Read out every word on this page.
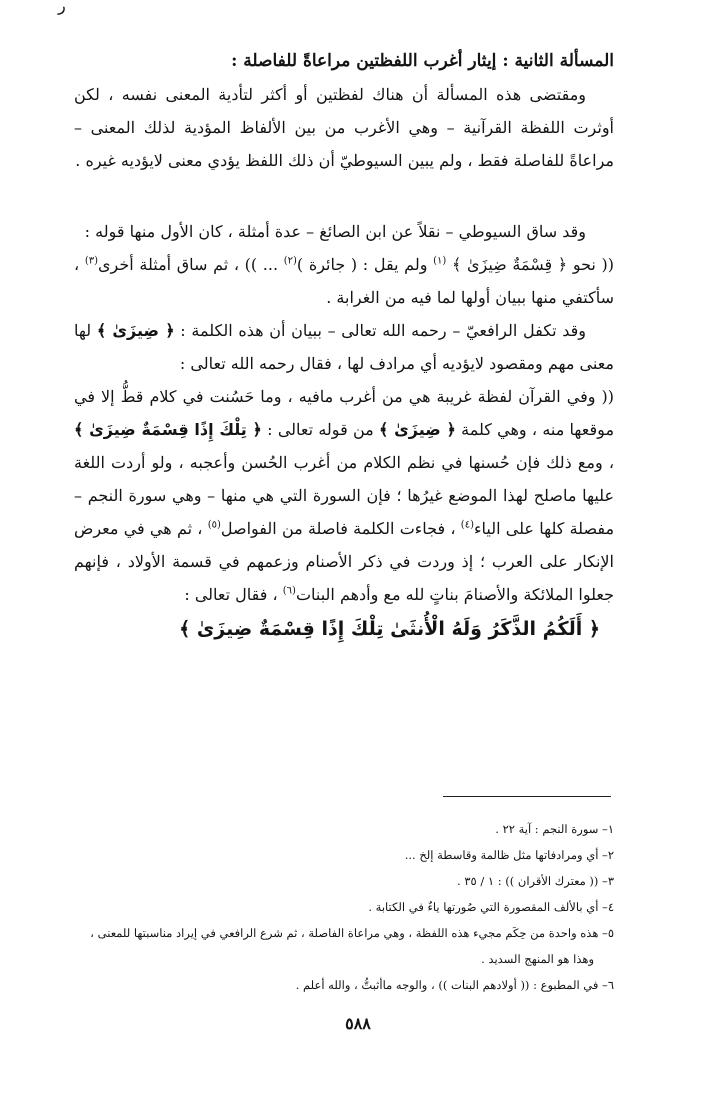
ر

المسألة الثانية : إيثار أغرب اللفظتين مراعاةً للفاصلة :

ومقتضى هذه المسألة أن هناك لفظتين أو أكثر لتأدية المعنى نفسه ، لكن أوثرت اللفظة القرآنية – وهي الأغرب من بين الألفاظ المؤدية لذلك المعنى – مراعاةً للفاصلة فقط ، ولم يبين السيوطيّ أن ذلك اللفظ يؤدي معنى لايؤديه غيره .

وقد ساق السيوطي – نقلاً عن ابن الصائغ – عدة أمثلة ، كان الأول منها قوله :

(( نحو ﴿ قِسْمَةٌ ضِيزَىٰ ﴾ $^{(١)}$ ولم يقل : ( جائرة )$^{(٢)}$ ... )) ، ثم ساق أمثلة أخرى$^{(٣)}$ ، سأكتفي منها ببيان أولها لما فيه من الغرابة .

وقد تكفل الرافعيّ – رحمه الله تعالى – ببيان أن هذه الكلمة : ﴿ ضِيزَىٰ ﴾ لها معنى مهم ومقصود لايؤديه أي مرادف لها ، فقال رحمه الله تعالى :

(( وفي القرآن لفظة غريبة هي من أغرب مافيه ، وما حَسُنت في كلام قطُّ إلا في موقعها منه ، وهي كلمة ﴿ ضِيزَىٰ ﴾ من قوله تعالى : ﴿ تِلْكَ إِذًا قِسْمَةٌ ضِيزَىٰ ﴾ ، ومع ذلك فإن حُسنها في نظم الكلام من أغرب الحُسن وأعجبه ، ولو أردت اللغة عليها ماصلح لهذا الموضع غيرُها ؛ فإن السورة التي هي منها – وهي سورة النجم – مفصلة كلها على الياء$^{(٤)}$ ، فجاءت الكلمة فاصلة من الفواصل$^{(٥)}$ ، ثم هي في معرض الإنكار على العرب ؛ إذ وردت في ذكر الأصنام وزعمهم في قسمة الأولاد ، فإنهم جعلوا الملائكة والأصنامَ بناتٍ لله مع وأدهم البنات$^{(٦)}$ ، فقال تعالى :

﴿ أَلَكُمُ الذَّكَرُ وَلَهُ الْأُنثَىٰ تِلْكَ إِذًا قِسْمَةٌ ضِيزَىٰ ﴾

١– سورة النجم : آية ٢٢ .

٢– أي ومرادفاتها مثل ظالمة وقاسطة إلخ ...

٣– (( معترك الأقران )) : ١ / ٣٥ .

٤– أي بالألف المقصورة التي صُورتها ياءٌ في الكتابة .

٥– هذه واحدة من حِكَم مجيء هذه اللفظة ، وهي مراعاة الفاصلة ، ثم شرع الرافعي في إيراد مناسبتها للمعنى ،

وهذا هو المنهج السديد .

٦– في المطبوع : (( أولادهم البنات )) ، والوجه ماأثبتُّ ، والله أعلم .

٥٨٨
